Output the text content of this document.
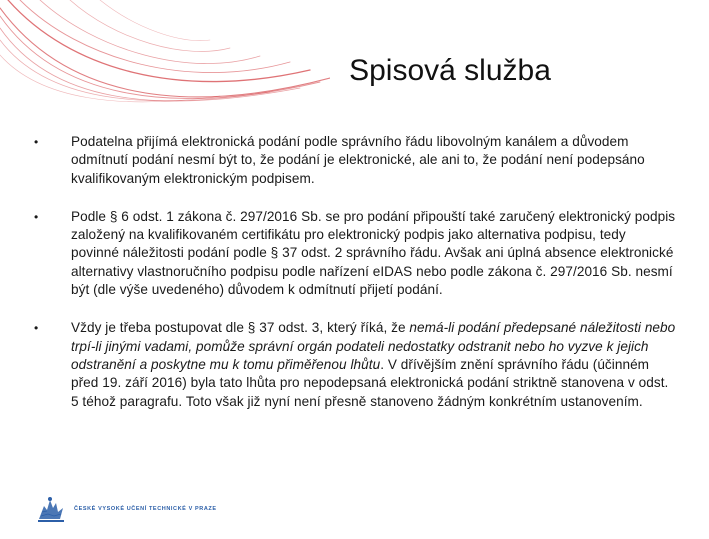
Spisová služba
•	Podatelna přijímá elektronická podání podle správního řádu libovolným kanálem a důvodem odmítnutí podání nesmí být to, že podání je elektronické, ale ani to, že podání není podepsáno kvalifikovaným elektronickým podpisem.
•	Podle § 6 odst. 1 zákona č. 297/2016 Sb. se pro podání připouští také zaručený elektronický podpis založený na kvalifikovaném certifikátu pro elektronický podpis jako alternativa podpisu, tedy povinné náležitosti podání podle § 37 odst. 2 správního řádu. Avšak ani úplná absence elektronické alternativy vlastnoručního podpisu podle nařízení eIDAS nebo podle zákona č. 297/2016 Sb. nesmí být (dle výše uvedeného) důvodem k odmítnutí přijetí podání.
•	Vždy je třeba postupovat dle § 37 odst. 3, který říká, že nemá-li podání předepsané náležitosti nebo trpí-li jinými vadami, pomůže správní orgán podateli nedostatky odstranit nebo ho vyzve k jejich odstranění a poskytne mu k tomu přiměřenou lhůtu. V dřívějším znění správního řádu (účinném před 19. září 2016) byla tato lhůta pro nepodepsaná elektronická podání striktně stanovena v odst. 5 téhož paragrafu. Toto však již nyní není přesně stanoveno žádným konkrétním ustanovením.
ČESKÉ VYSOKÉ UČENÍ TECHNICKÉ V PRAZE
